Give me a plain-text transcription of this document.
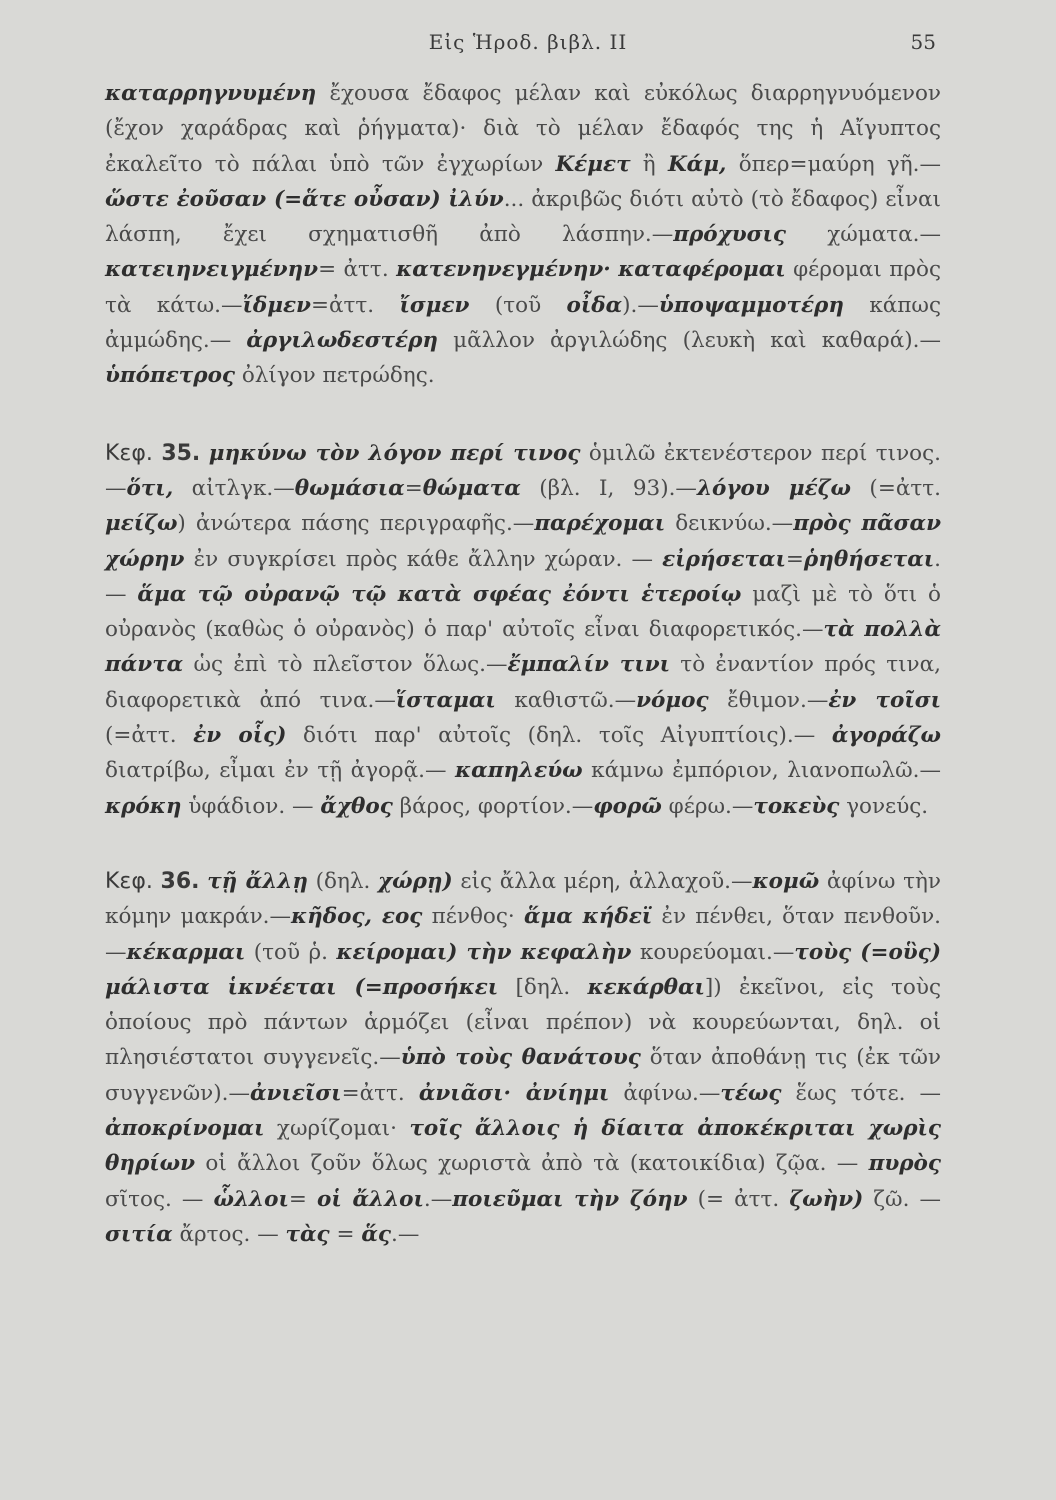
Εἰς Ἡροδ. βιβλ. ΙΙ	55

καταρρηγνυμένη ἔχουσα ἔδαφος μέλαν καὶ εὐκόλως διαρρηγνυόμενον (ἔχον χαράδρας καὶ ῥήγματα)· διὰ τὸ μέλαν ἔδαφός της ἡ Αἴγυπτος ἐκαλεῖτο τὸ πάλαι ὑπὸ τῶν ἐγχωρίων Κέμετ ἢ Κάμ, ὅπερ=μαύρη γῆ.—ὥστε ἐοῦσαν (=ἅτε οὖσαν) ἰλύν... ἀκριβῶς διότι αὐτὸ (τὸ ἔδαφος) εἶναι λάσπη, ἔχει σχηματισθῆ ἀπὸ λάσπην.—πρόχυσις χώματα.—κατειηνειγμένην= ἀττ. κατενηνεγμένην· καταφέρομαι φέρομαι πρὸς τὰ κάτω.—ἴδμεν=ἀττ. ἴσμεν (τοῦ οἶδα).—ὑποψαμμοτέρη κάπως ἀμμώδης.— ἀργιλωδεστέρη μᾶλλον ἀργιλώδης (λευκὴ καὶ καθαρά).—ὑπόπετρος ὀλίγον πετρώδης.

Κεφ. 35. μηκύνω τὸν λόγον περί τινος ὁμιλῶ ἐκτενέστερον περί τινος.—ὅτι, αἰτλγκ.—θωμάσια=θώματα (βλ. Ι, 93).—λόγου μέζω (=ἀττ. μείζω) ἀνώτερα πάσης περιγραφῆς.—παρέχομαι δεικνύω.—πρὸς πᾶσαν χώρην ἐν συγκρίσει πρὸς κάθε ἄλλην χώραν. — εἰρήσεται=ῥηθήσεται.— ἅμα τῷ οὐρανῷ τῷ κατὰ σφέας ἐόντι ἑτεροίῳ μαζὶ μὲ τὸ ὅτι ὁ οὐρανὸς (καθὼς ὁ οὐρανὸς) ὁ παρ' αὐτοῖς εἶναι διαφορετικός.—τὰ πολλὰ πάντα ὡς ἐπὶ τὸ πλεῖστον ὅλως.—ἔμπαλίν τινι τὸ ἐναντίον πρός τινα, διαφορετικὰ ἀπό τινα.—ἵσταμαι καθιστῶ.—νόμος ἔθιμον.—ἐν τοῖσι (=ἀττ. ἐν οἷς) διότι παρ' αὐτοῖς (δηλ. τοῖς Αἰγυπτίοις).— ἀγοράζω διατρίβω, εἶμαι ἐν τῇ ἀγορᾷ.— καπηλεύω κάμνω ἐμπόριον, λιανοπωλῶ.—κρόκη ὑφάδιον. — ἄχθος βάρος, φορτίον.—φορῶ φέρω.—τοκεὺς γονεύς.

Κεφ. 36. τῇ ἄλλῃ (δηλ. χώρῃ) εἰς ἄλλα μέρη, ἀλλαχοῦ.—κομῶ ἀφίνω τὴν κόμην μακράν.—κῆδος, εος πένθος· ἅμα κήδεϊ ἐν πένθει, ὅταν πενθοῦν.—κέκαρμαι (τοῦ ῥ. κείρομαι) τὴν κεφαλὴν κουρεύομαι.—τοὺς (=οὓς) μάλιστα ἱκνέεται (=προσήκει [δηλ. κεκάρθαι]) ἐκεῖνοι, εἰς τοὺς ὁποίους πρὸ πάντων ἁρμόζει (εἶναι πρέπον) νὰ κουρεύωνται, δηλ. οἱ πλησιέστατοι συγγενεῖς.—ὑπὸ τοὺς θανάτους ὅταν ἀποθάνῃ τις (ἐκ τῶν συγγενῶν).—ἀνιεῖσι=ἀττ. ἀνιᾶσι· ἀνίημι ἀφίνω.—τέως ἕως τότε. —ἀποκρίνομαι χωρίζομαι· τοῖς ἄλλοις ἡ δίαιτα ἀποκέκριται χωρὶς θηρίων οἱ ἄλλοι ζοῦν ὅλως χωριστὰ ἀπὸ τὰ (κατοικίδια) ζῷα. — πυρὸς σῖτος. — ὧλλοι= οἱ ἄλλοι.—ποιεῦμαι τὴν ζόην (= ἀττ. ζωὴν) ζῶ. — σιτία ἄρτος. — τὰς = ἅς.—
